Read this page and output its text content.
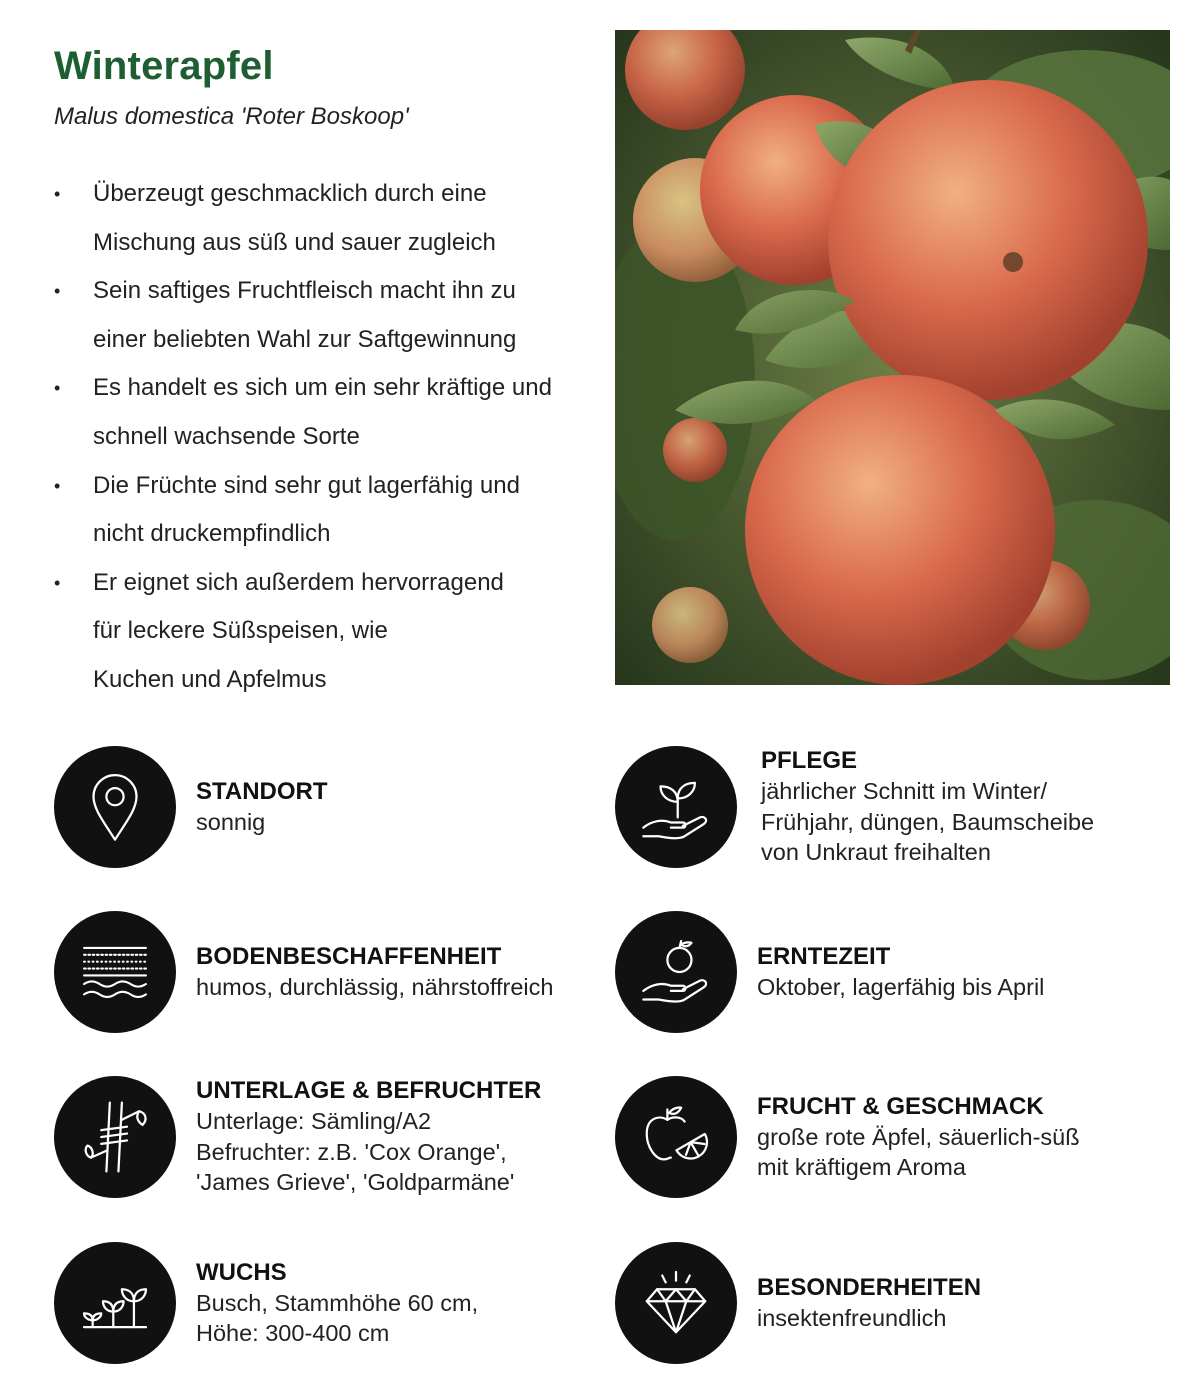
Winterapfel

Malus domestica 'Roter Boskoop'

• Überzeugt geschmacklich durch eine
Mischung aus süß und sauer zugleich
• Sein saftiges Fruchtfleisch macht ihn zu
einer beliebten Wahl zur Saftgewinnung
• Es handelt es sich um ein sehr kräftige und
schnell wachsende Sorte
• Die Früchte sind sehr gut lagerfähig und
nicht druckempfindlich
• Er eignet sich außerdem hervorragend
für leckere Süßspeisen, wie
Kuchen und Apfelmus
STANDORT
sonnig
PFLEGE
jährlicher Schnitt im Winter/
Frühjahr, düngen, Baumscheibe
von Unkraut freihalten
BODENBESCHAFFENHEIT
humos, durchlässig, nährstoffreich
ERNTEZEIT
Oktober, lagerfähig bis April
UNTERLAGE & BEFRUCHTER
Unterlage: Sämling/A2
Befruchter: z.B. 'Cox Orange',
'James Grieve', 'Goldparmäne'
FRUCHT & GESCHMACK
große rote Äpfel, säuerlich-süß
mit kräftigem Aroma
WUCHS
Busch, Stammhöhe 60 cm,
Höhe: 300-400 cm
BESONDERHEITEN
insektenfreundlich
